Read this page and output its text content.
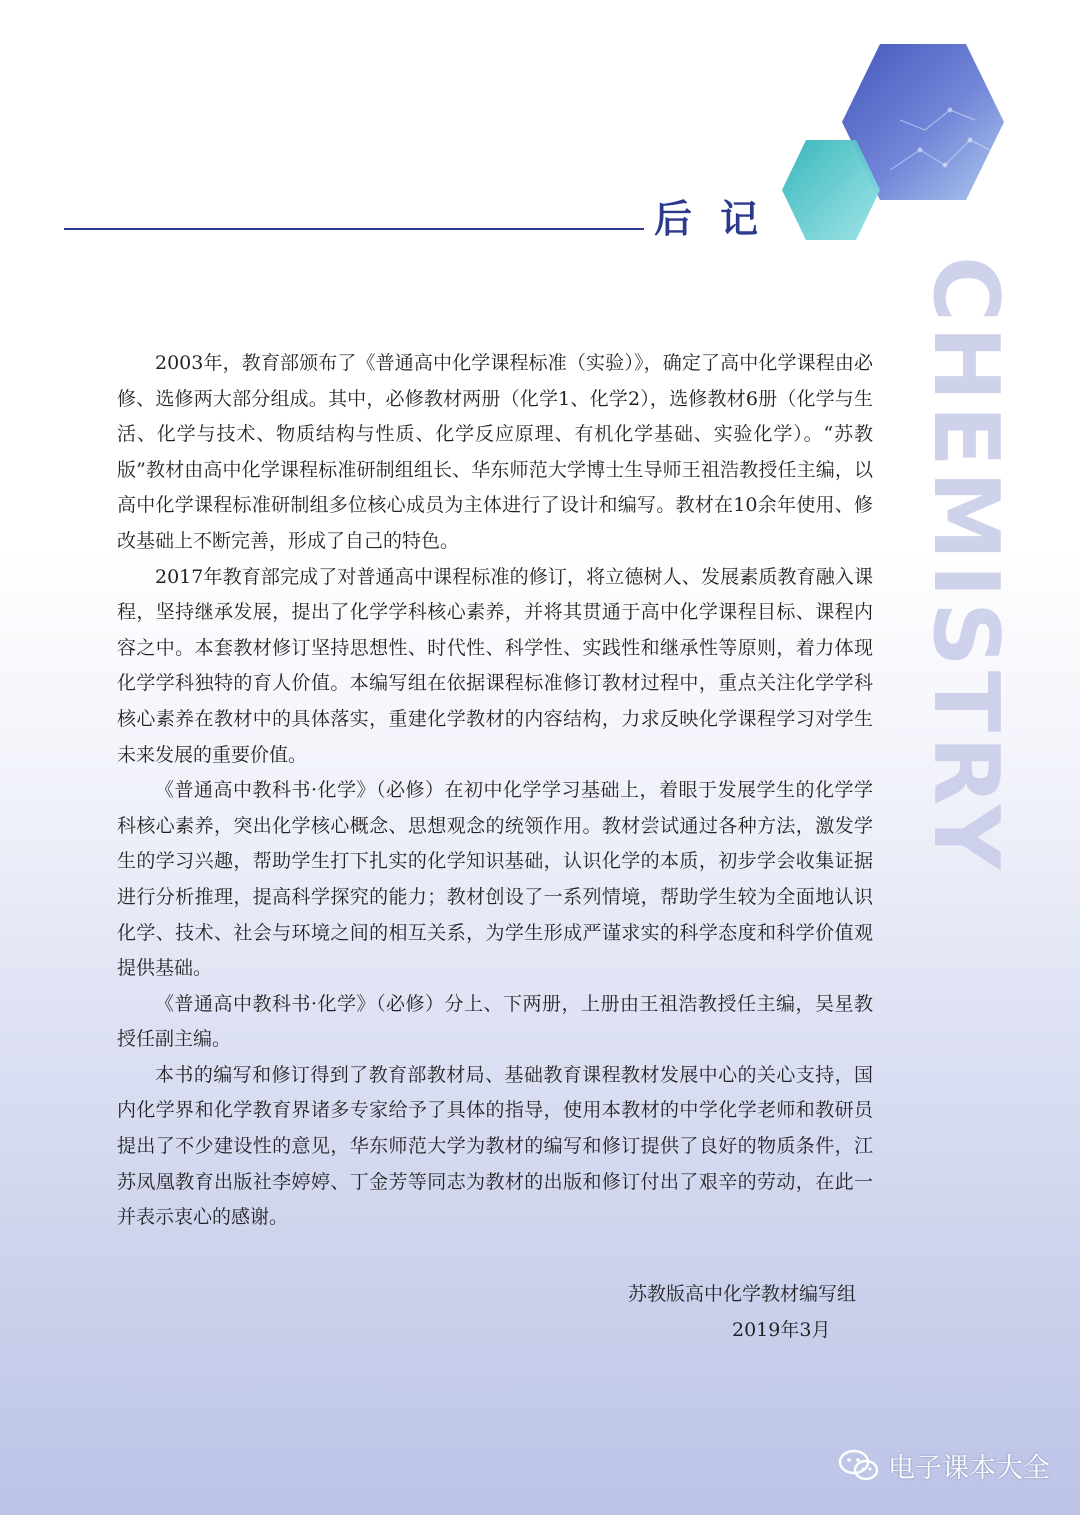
后记
CHEMISTRY

2003年，教育部颁布了《普通高中化学课程标准（实验）》，确定了高中化学课程由必修、选修两大部分组成。其中，必修教材两册（化学1、化学2），选修教材6册（化学与生活、化学与技术、物质结构与性质、化学反应原理、有机化学基础、实验化学）。“苏教版”教材由高中化学课程标准研制组组长、华东师范大学博士生导师王祖浩教授任主编，以高中化学课程标准研制组多位核心成员为主体进行了设计和编写。教材在10余年使用、修改基础上不断完善，形成了自己的特色。

2017年教育部完成了对普通高中课程标准的修订，将立德树人、发展素质教育融入课程，坚持继承发展，提出了化学学科核心素养，并将其贯通于高中化学课程目标、课程内容之中。本套教材修订坚持思想性、时代性、科学性、实践性和继承性等原则，着力体现化学学科独特的育人价值。本编写组在依据课程标准修订教材过程中，重点关注化学学科核心素养在教材中的具体落实，重建化学教材的内容结构，力求反映化学课程学习对学生未来发展的重要价值。

《普通高中教科书·化学》（必修）在初中化学学习基础上，着眼于发展学生的化学学科核心素养，突出化学核心概念、思想观念的统领作用。教材尝试通过各种方法，激发学生的学习兴趣，帮助学生打下扎实的化学知识基础，认识化学的本质，初步学会收集证据进行分析推理，提高科学探究的能力；教材创设了一系列情境，帮助学生较为全面地认识化学、技术、社会与环境之间的相互关系，为学生形成严谨求实的科学态度和科学价值观提供基础。

《普通高中教科书·化学》（必修）分上、下两册，上册由王祖浩教授任主编，吴星教授任副主编。

本书的编写和修订得到了教育部教材局、基础教育课程教材发展中心的关心支持，国内化学界和化学教育界诸多专家给予了具体的指导，使用本教材的中学化学老师和教研员提出了不少建设性的意见，华东师范大学为教材的编写和修订提供了良好的物质条件，江苏凤凰教育出版社李婷婷、丁金芳等同志为教材的出版和修订付出了艰辛的劳动，在此一并表示衷心的感谢。

苏教版高中化学教材编写组
2019年3月
电子课本大全
